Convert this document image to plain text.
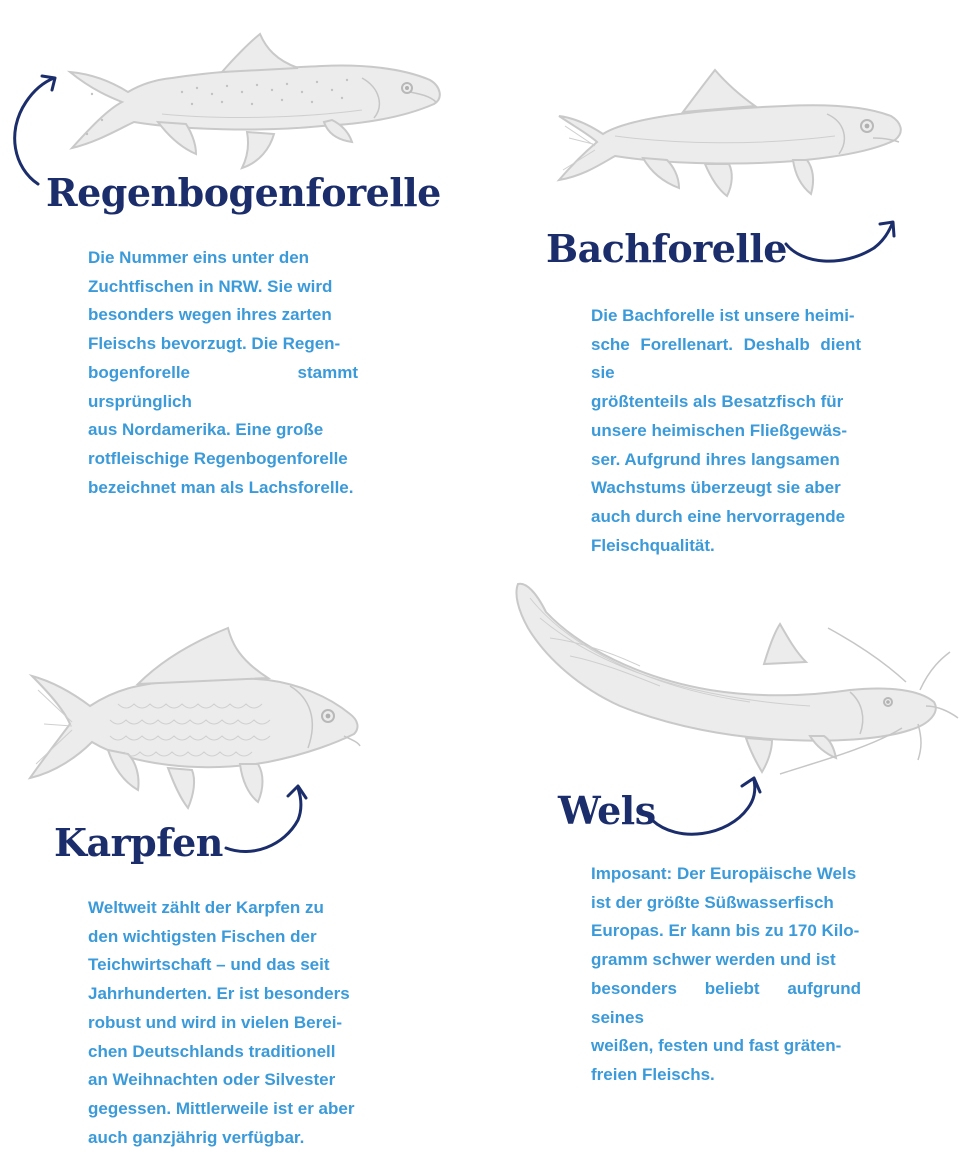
Regenbogenforelle
Die Nummer eins unter den
Zuchtfischen in NRW. Sie wird
besonders wegen ihres zarten
Fleischs bevorzugt. Die Regen-
bogenforelle stammt ursprünglich
aus Nordamerika. Eine große
rotfleischige Regenbogenforelle
bezeichnet man als Lachsforelle.
Bachforelle
Die Bachforelle ist unsere heimi-
sche Forellenart. Deshalb dient sie
größtenteils als Besatzfisch für
unsere heimischen Fließgewäs-
ser. Aufgrund ihres langsamen
Wachstums überzeugt sie aber
auch durch eine hervorragende
Fleischqualität.
Karpfen
Weltweit zählt der Karpfen zu
den wichtigsten Fischen der
Teichwirtschaft – und das seit
Jahrhunderten. Er ist besonders
robust und wird in vielen Berei-
chen Deutschlands traditionell
an Weihnachten oder Silvester
gegessen. Mittlerweile ist er aber
auch ganzjährig verfügbar.
Wels
Imposant: Der Europäische Wels
ist der größte Süßwasserfisch
Europas. Er kann bis zu 170 Kilo-
gramm schwer werden und ist
besonders beliebt aufgrund seines
weißen, festen und fast gräten-
freien Fleischs.
